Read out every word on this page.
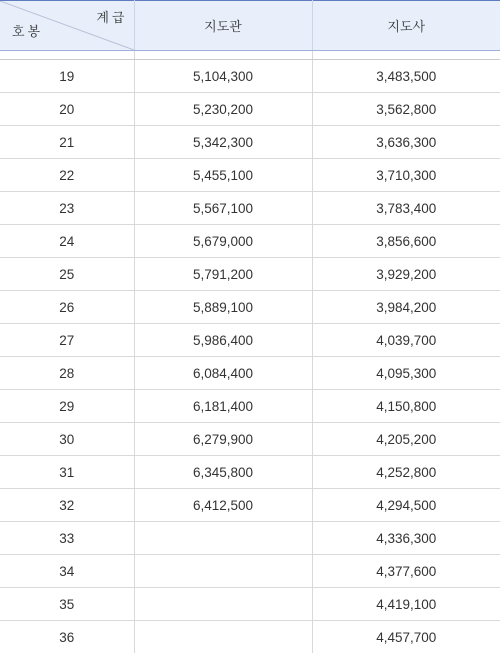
계급
호봉	지도관	지도사

19	5,104,300	3,483,500
20	5,230,200	3,562,800
21	5,342,300	3,636,300
22	5,455,100	3,710,300
23	5,567,100	3,783,400
24	5,679,000	3,856,600
25	5,791,200	3,929,200
26	5,889,100	3,984,200
27	5,986,400	4,039,700
28	6,084,400	4,095,300
29	6,181,400	4,150,800
30	6,279,900	4,205,200
31	6,345,800	4,252,800
32	6,412,500	4,294,500
33		4,336,300
34		4,377,600
35		4,419,100
36		4,457,700
